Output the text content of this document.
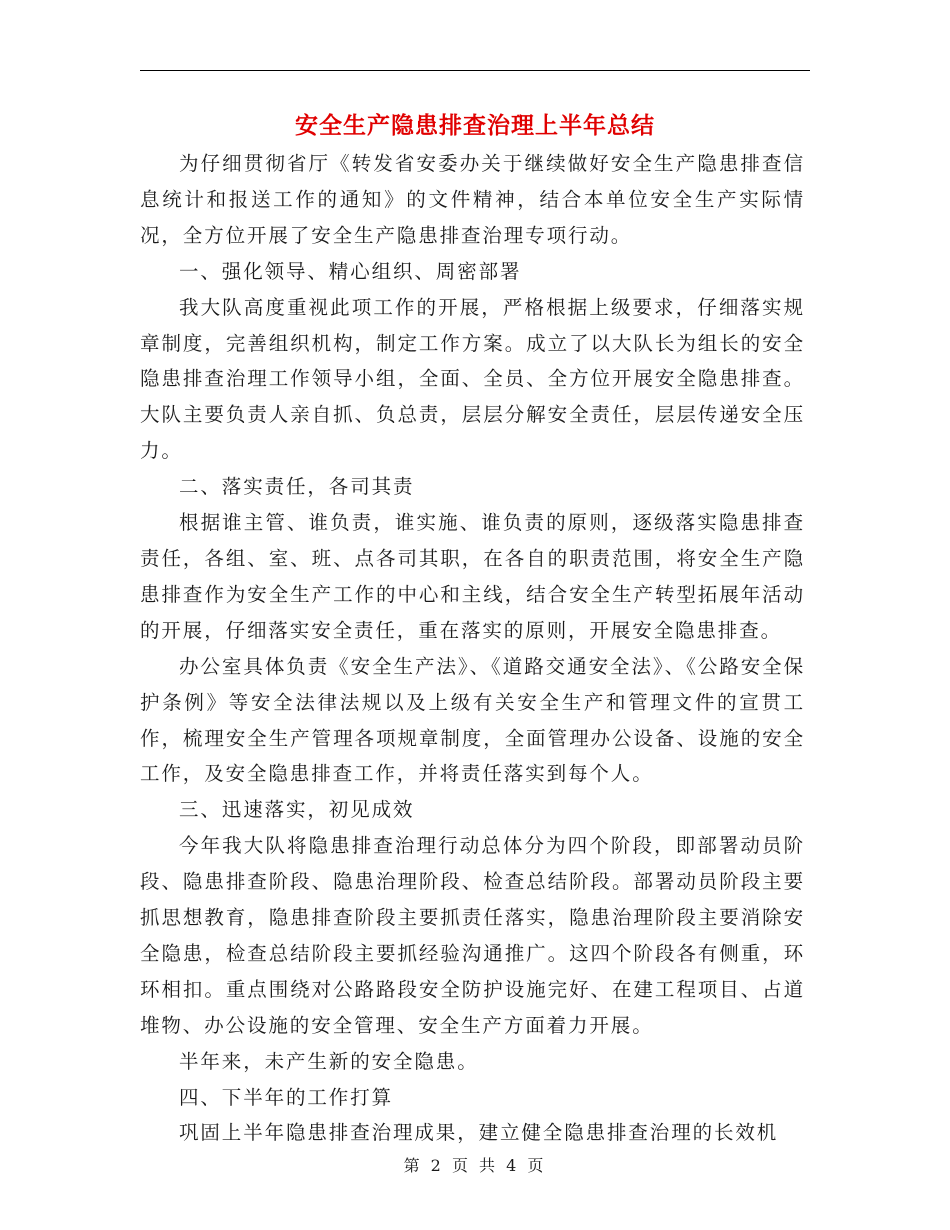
安全生产隐患排查治理上半年总结

为仔细贯彻省厅《转发省安委办关于继续做好安全生产隐患排查信息统计和报送工作的通知》的文件精神，结合本单位安全生产实际情况，全方位开展了安全生产隐患排查治理专项行动。

一、强化领导、精心组织、周密部署

我大队高度重视此项工作的开展，严格根据上级要求，仔细落实规章制度，完善组织机构，制定工作方案。成立了以大队长为组长的安全隐患排查治理工作领导小组，全面、全员、全方位开展安全隐患排查。大队主要负责人亲自抓、负总责，层层分解安全责任，层层传递安全压力。

二、落实责任，各司其责

根据谁主管、谁负责，谁实施、谁负责的原则，逐级落实隐患排查责任，各组、室、班、点各司其职，在各自的职责范围，将安全生产隐患排查作为安全生产工作的中心和主线，结合安全生产转型拓展年活动的开展，仔细落实安全责任，重在落实的原则，开展安全隐患排查。

办公室具体负责《安全生产法》、《道路交通安全法》、《公路安全保护条例》等安全法律法规以及上级有关安全生产和管理文件的宣贯工作，梳理安全生产管理各项规章制度，全面管理办公设备、设施的安全工作，及安全隐患排查工作，并将责任落实到每个人。

三、迅速落实，初见成效

今年我大队将隐患排查治理行动总体分为四个阶段，即部署动员阶段、隐患排查阶段、隐患治理阶段、检查总结阶段。部署动员阶段主要抓思想教育，隐患排查阶段主要抓责任落实，隐患治理阶段主要消除安全隐患，检查总结阶段主要抓经验沟通推广。这四个阶段各有侧重，环环相扣。重点围绕对公路路段安全防护设施完好、在建工程项目、占道堆物、办公设施的安全管理、安全生产方面着力开展。

半年来，未产生新的安全隐患。

四、下半年的工作打算

巩固上半年隐患排查治理成果，建立健全隐患排查治理的长效机

第 2 页 共 4 页
